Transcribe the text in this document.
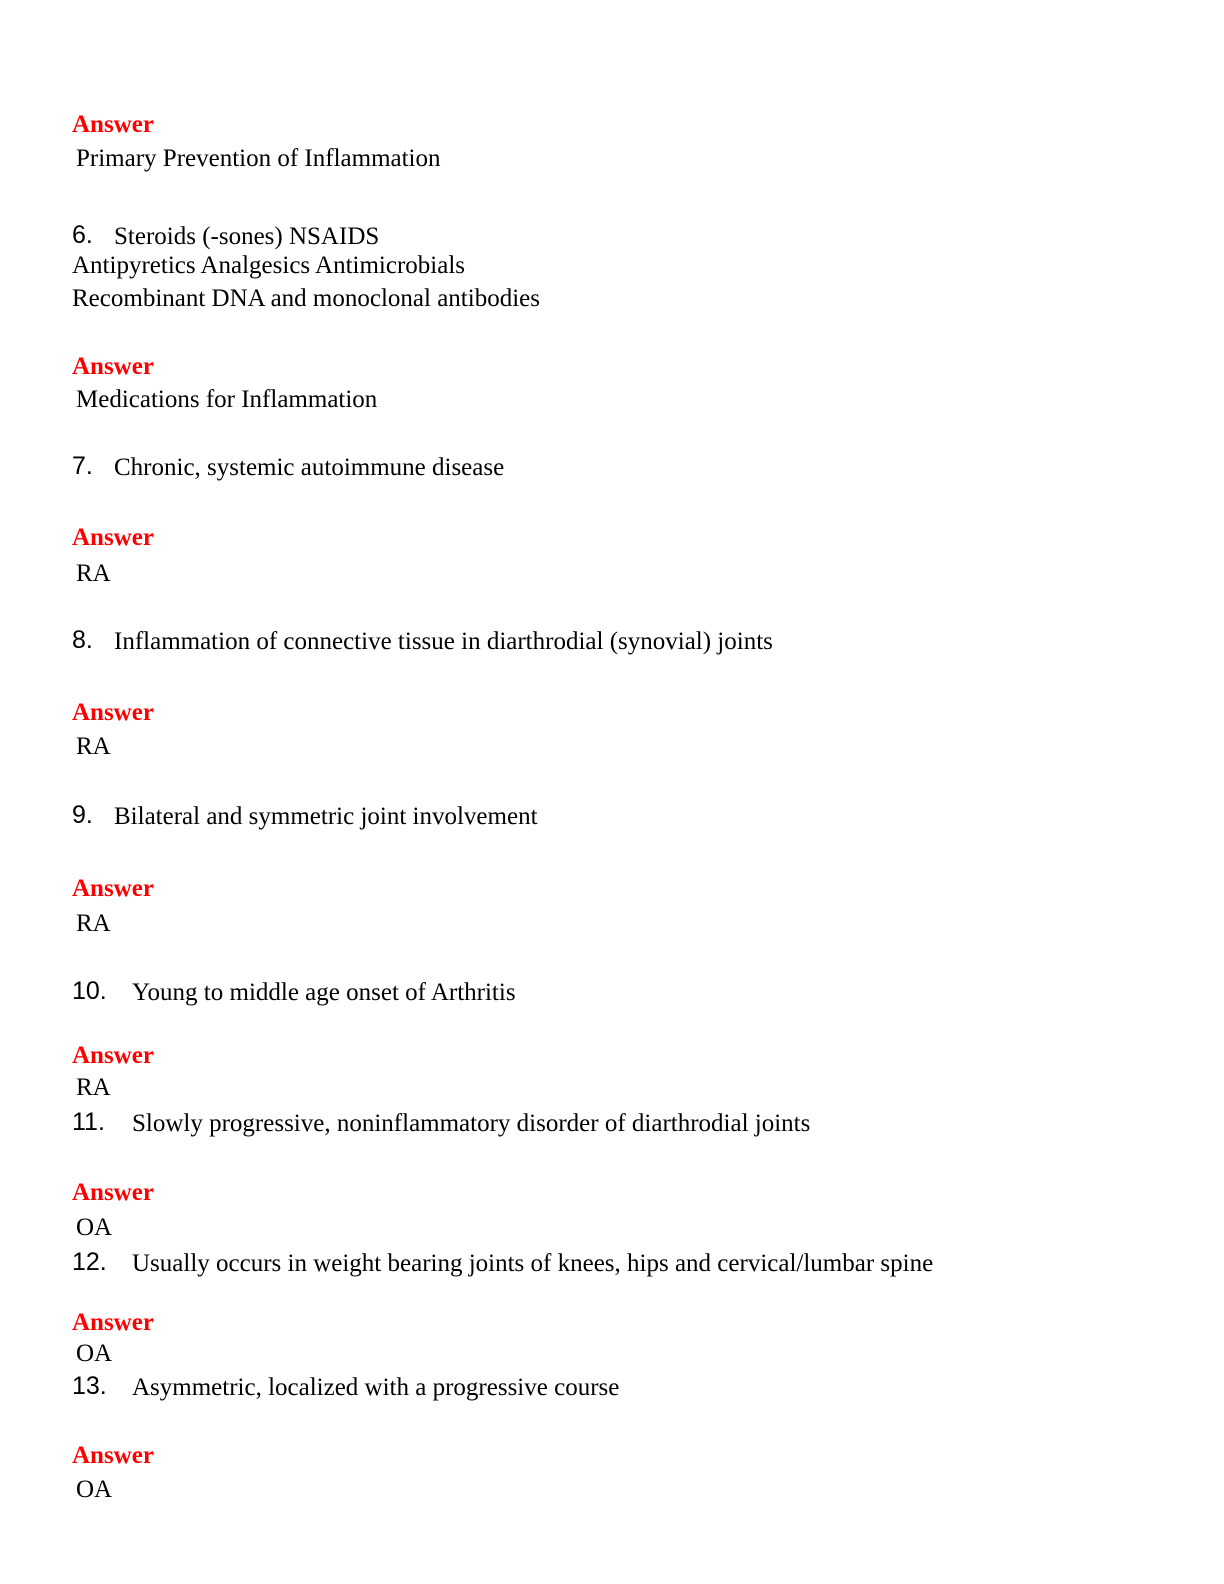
Answer
Primary Prevention of Inflammation
6. Steroids (-sones) NSAIDS
Antipyretics Analgesics Antimicrobials
Recombinant DNA and monoclonal antibodies
Answer
Medications for Inflammation
7. Chronic, systemic autoimmune disease
Answer
RA
8. Inflammation of connective tissue in diarthrodial (synovial) joints
Answer
RA
9. Bilateral and symmetric joint involvement
Answer
RA
10. Young to middle age onset of Arthritis
Answer
RA
11. Slowly progressive, noninflammatory disorder of diarthrodial joints
Answer
OA
12. Usually occurs in weight bearing joints of knees, hips and cervical/lumbar spine
Answer
OA
13. Asymmetric, localized with a progressive course
Answer
OA
